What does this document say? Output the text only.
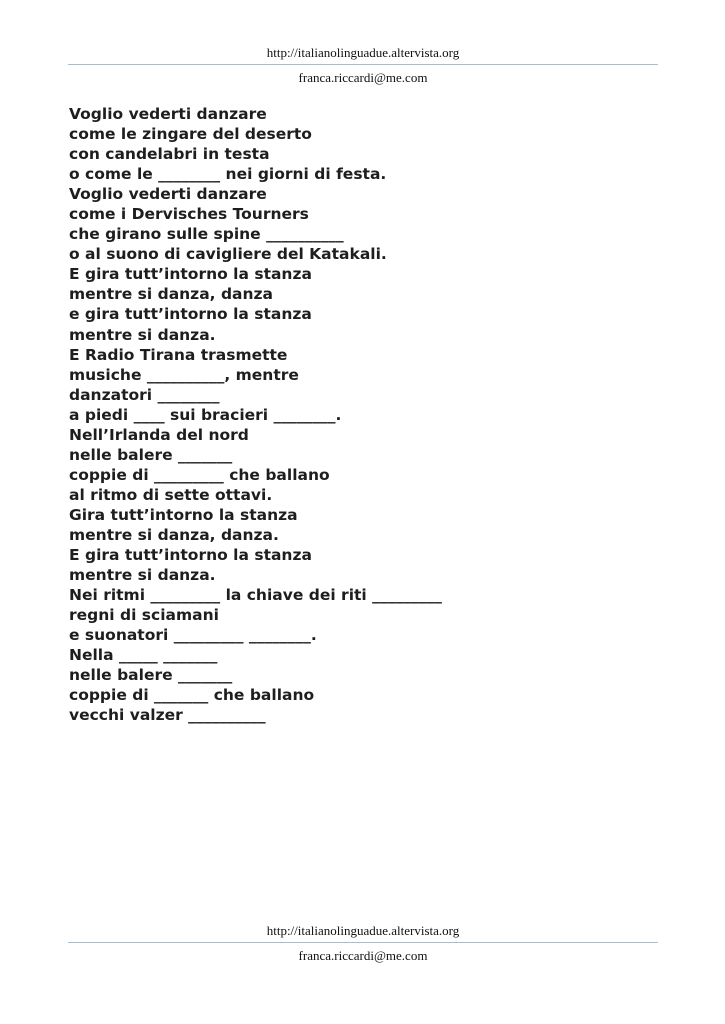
http://italianolinguadue.altervista.org
franca.riccardi@me.com
Voglio vederti danzare
come le zingare del deserto
con candelabri in testa
o come le ________ nei giorni di festa.
Voglio vederti danzare
come i Dervisches Tourners
che girano sulle spine __________
o al suono di cavigliere del Katakali.
E gira tutt’intorno la stanza
mentre si danza, danza
e gira tutt’intorno la stanza
mentre si danza.
E Radio Tirana trasmette
musiche __________, mentre
danzatori ________
a piedi ____ sui bracieri ________.
Nell’Irlanda del nord
nelle balere _______
coppie di _________ che ballano
al ritmo di sette ottavi.
Gira tutt’intorno la stanza
mentre si danza, danza.
E gira tutt’intorno la stanza
mentre si danza.
Nei ritmi _________ la chiave dei riti _________
regni di sciamani
e suonatori _________ ________.
Nella _____ _______
nelle balere _______
coppie di _______ che ballano
vecchi valzer __________
http://italianolinguadue.altervista.org
franca.riccardi@me.com
